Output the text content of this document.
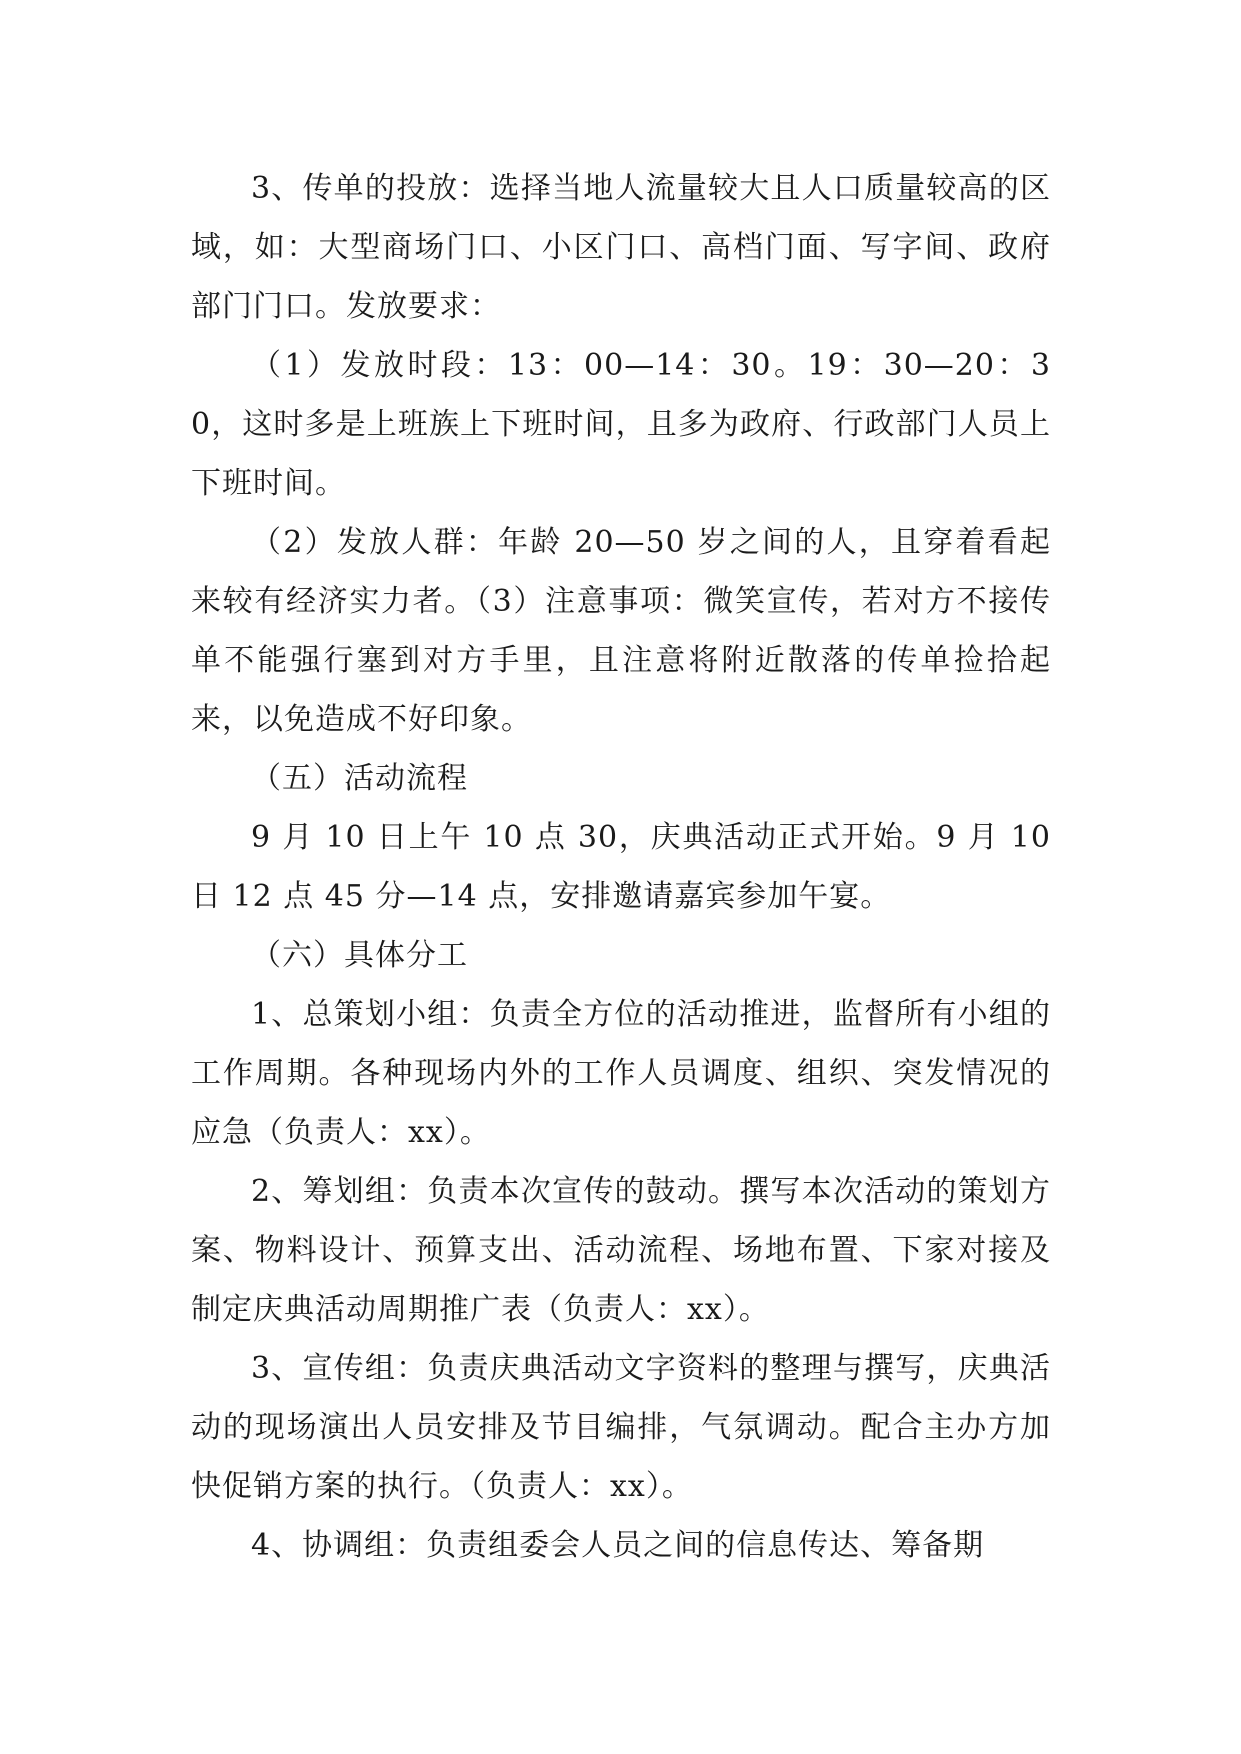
3、传单的投放：选择当地人流量较大且人口质量较高的区域，如：大型商场门口、小区门口、高档门面、写字间、政府部门门口。发放要求：

（1）发放时段：13：00—14：30。19：30—20：30，这时多是上班族上下班时间，且多为政府、行政部门人员上下班时间。

（2）发放人群：年龄 20—50 岁之间的人，且穿着看起来较有经济实力者。（3）注意事项：微笑宣传，若对方不接传单不能强行塞到对方手里，且注意将附近散落的传单捡拾起来，以免造成不好印象。

（五）活动流程

9 月 10 日上午 10 点 30，庆典活动正式开始。9 月 10 日 12 点 45 分—14 点，安排邀请嘉宾参加午宴。

（六）具体分工

1、总策划小组：负责全方位的活动推进，监督所有小组的工作周期。各种现场内外的工作人员调度、组织、突发情况的应急（负责人：xx）。

2、筹划组：负责本次宣传的鼓动。撰写本次活动的策划方案、物料设计、预算支出、活动流程、场地布置、下家对接及制定庆典活动周期推广表（负责人：xx）。

3、宣传组：负责庆典活动文字资料的整理与撰写，庆典活动的现场演出人员安排及节目编排，气氛调动。配合主办方加快促销方案的执行。（负责人：xx）。

4、协调组：负责组委会人员之间的信息传达、筹备期
